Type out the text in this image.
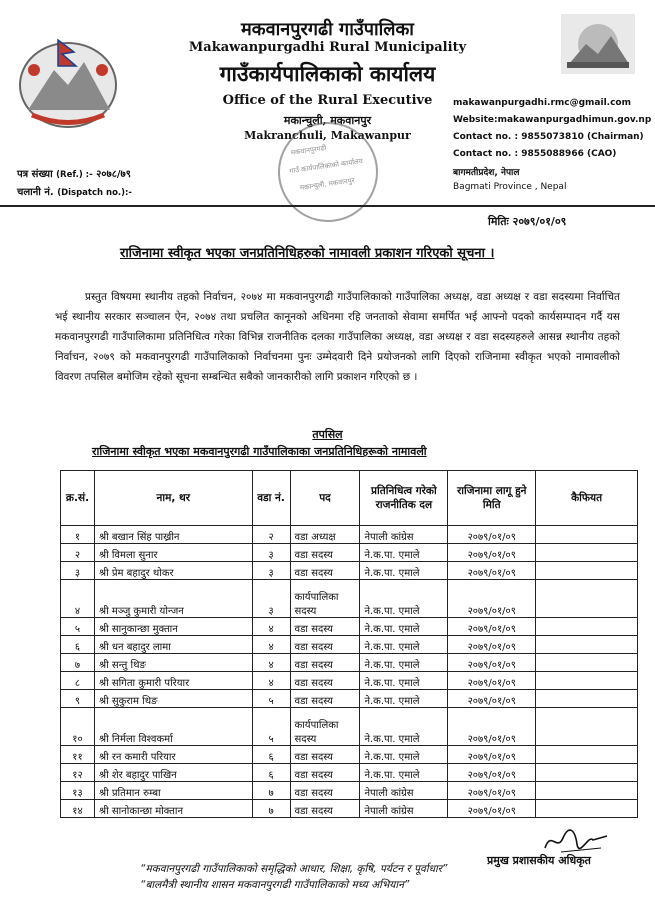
मकवानपुरगढी गाउँपालिका
Makawanpurgadhi Rural Municipality
गाउँकार्यपालिकाको कार्यालय
Office of the Rural Executive
मकान्चुली, मकवानपुर
Makranchuli, Makawanpur
makawanpurgadhi.rmc@gmail.com
Website:makawanpurgadhimun.gov.np
Contact no. : 9855073810 (Chairman)
Contact no. : 9855088966 (CAO)
बागमतीप्रदेश, नेपाल
Bagmati Province , Nepal
पत्र संख्या (Ref.) :- २०७८/७९
चलानी नं. (Dispatch no.):-
मकवानपुरगढी
गाउँ कार्यपालिकाको कार्यालय
मकान्चुली, मकवानपुर
मितिः २०७९/०१/०९
राजिनामा स्वीकृत भएका जनप्रतिनिधिहरुको नामावली प्रकाशन गरिएको सूचना ।
प्रस्तुत विषयमा स्थानीय तहको निर्वाचन, २०७४ मा मकवानपुरगढी गाउँपालिकाको गाउँपालिका अध्यक्ष, वडा अध्यक्ष र वडा सदस्यमा निर्वाचित भई स्थानीय सरकार सञ्चालन ऐन, २०७४ तथा प्रचलित कानूनको अधिनमा रहि जनताको सेवामा समर्पित भई आफ्नो पदको कार्यसम्पादन गर्दै यस मकवानपुरगढी गाउँपालिकामा प्रतिनिधित्व गरेका विभिन्न राजनीतिक दलका गाउँपालिका अध्यक्ष, वडा अध्यक्ष र वडा सदस्यहरुले आसन्न स्थानीय तहको निर्वाचन, २०७९ को मकवानपुरगढी गाउँपालिकाको निर्वाचनमा पुनः उम्मेदवारी दिने प्रयोजनको लागि दिएको राजिनामा स्वीकृत भएको नामावलीको विवरण तपसिल बमोजिम रहेको सूचना सम्बन्धित सबैको जानकारीको लागि प्रकाशन गरिएको छ ।
तपसिल
राजिनामा स्वीकृत भएका मकवानपुरगढी गाउँपालिकाका जनप्रतिनिधिहरूको नामावली
क्र.सं.	नाम, थर	वडा नं.	पद	प्रतिनिधित्व गरेको राजनीतिक दल	राजिनामा लागू हुने मिति	कैफियत
१	श्री बखान सिंह पाख्रीन	२	वडा अध्यक्ष	नेपाली कांग्रेस	२०७९/०१/०९	
२	श्री विमला सुनार	३	वडा सदस्य	ने.क.पा. एमाले	२०७९/०१/०९	
३	श्री प्रेम बहादुर थोकर	३	वडा सदस्य	ने.क.पा. एमाले	२०७९/०१/०९	
४	श्री मञ्जु कुमारी योन्जन	३	कार्यपालिका सदस्य	ने.क.पा. एमाले	२०७९/०१/०९	
५	श्री सानुकान्छा मुक्तान	४	वडा सदस्य	ने.क.पा. एमाले	२०७९/०१/०९	
६	श्री धन बहादुर लामा	४	वडा सदस्य	ने.क.पा. एमाले	२०७९/०१/०९	
७	श्री सन्तु थिङ	४	वडा सदस्य	ने.क.पा. एमाले	२०७९/०१/०९	
८	श्री सगिता कुमारी परियार	४	वडा सदस्य	ने.क.पा. एमाले	२०७९/०१/०९	
९	श्री सुकुराम थिङ	५	वडा सदस्य	ने.क.पा. एमाले	२०७९/०१/०९	
१०	श्री निर्मला विश्वकर्मा	५	कार्यपालिका सदस्य	ने.क.पा. एमाले	२०७९/०१/०९	
११	श्री रन कमारी परियार	६	वडा सदस्य	ने.क.पा. एमाले	२०७९/०१/०९	
१२	श्री शेर बहादुर पाखिन	६	वडा सदस्य	ने.क.पा. एमाले	२०७९/०१/०९	
१३	श्री प्रतिमान रुम्बा	७	वडा सदस्य	नेपाली कांग्रेस	२०७९/०१/०९	
१४	श्री सानोकान्छा मोक्तान	७	वडा सदस्य	नेपाली कांग्रेस	२०७९/०१/०९	
प्रमुख प्रशासकीय अधिकृत
“मकवानपुरगढी गाउँपालिकाको समृद्धिको आधार, शिक्षा, कृषि, पर्यटन र पूर्वाधार”
“बालमैत्री स्थानीय शासन मकवानपुरगढी गाउँपालिकाको मध्य अभियान”
